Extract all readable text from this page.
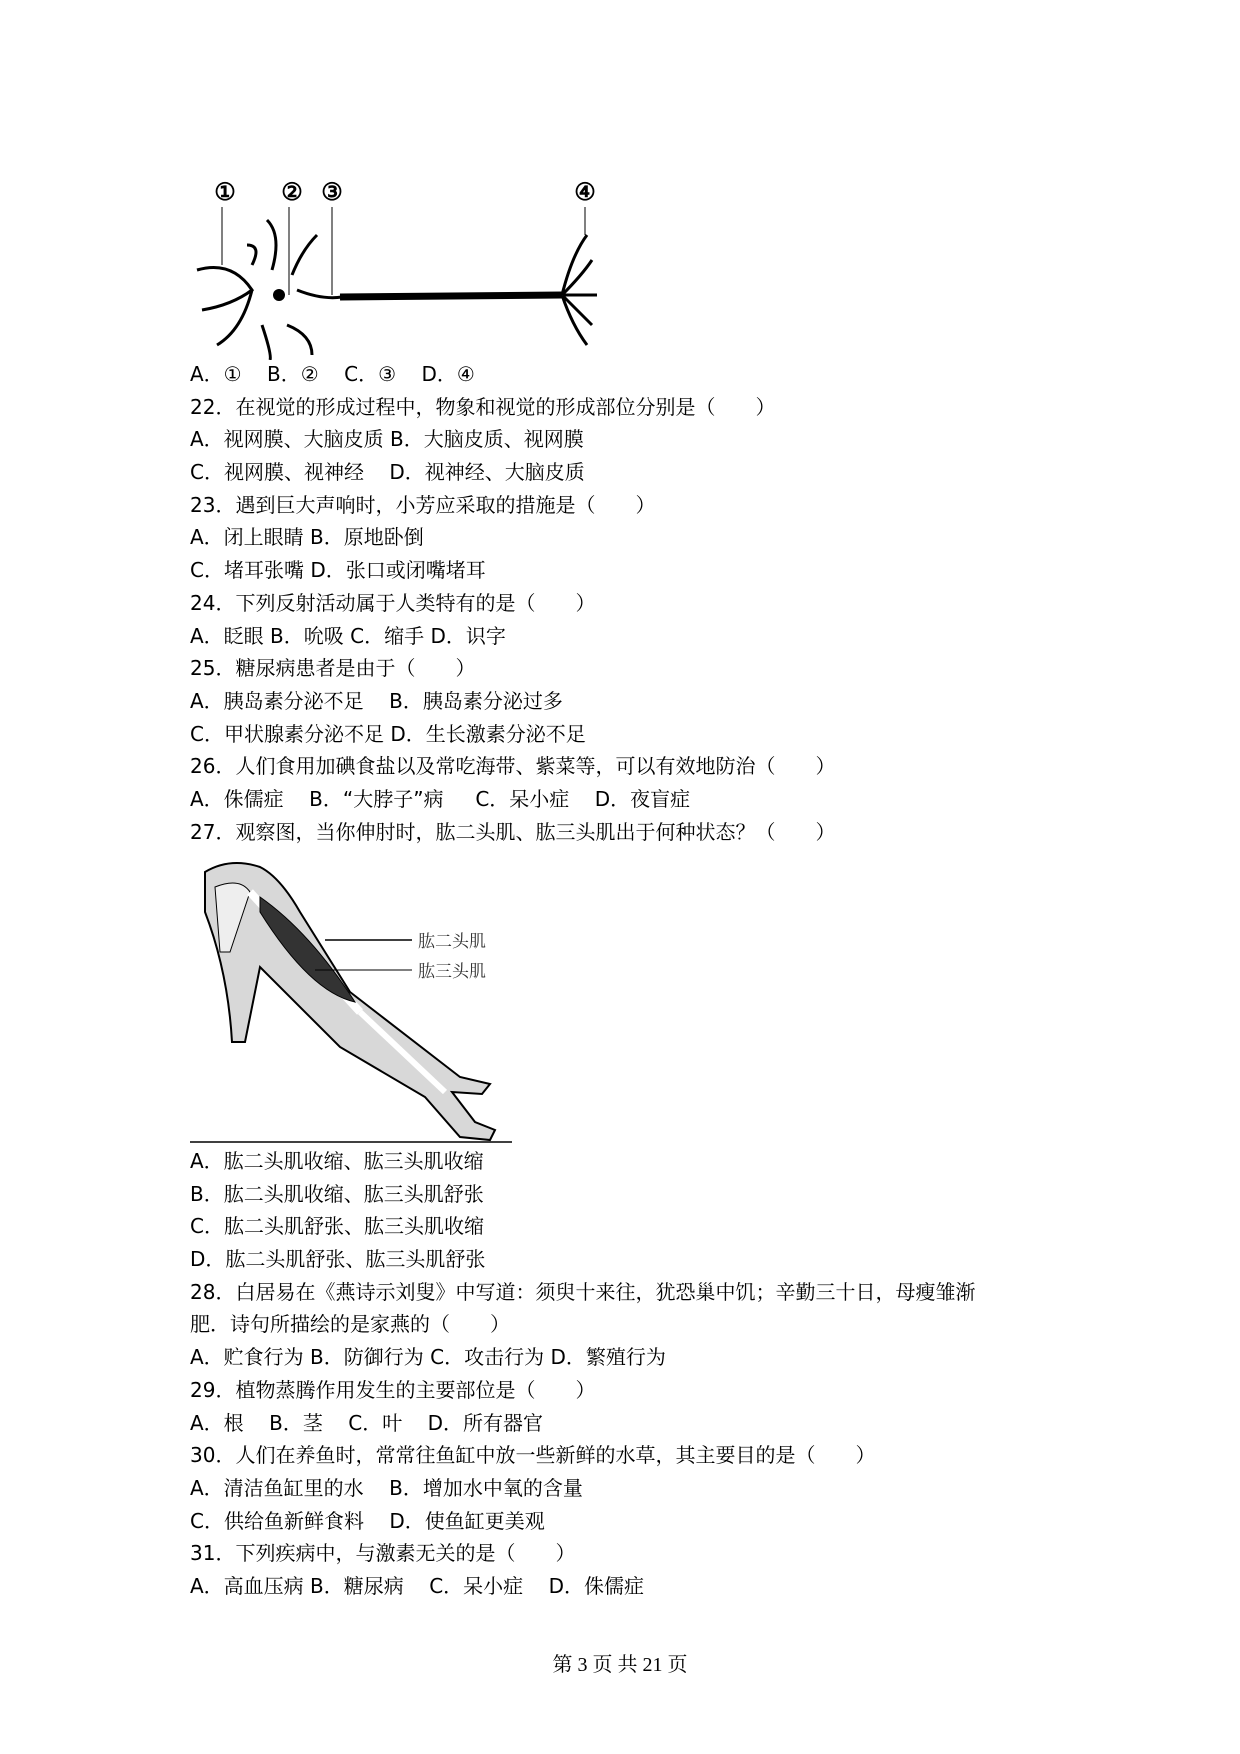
① ② ③	④
A．①    B．②    C．③    D．④
22．在视觉的形成过程中，物象和视觉的形成部位分别是（　　）
A．视网膜、大脑皮质 B．大脑皮质、视网膜
C．视网膜、视神经    D．视神经、大脑皮质
23．遇到巨大声响时，小芳应采取的措施是（　　）
A．闭上眼睛 B．原地卧倒
C．堵耳张嘴 D．张口或闭嘴堵耳
24．下列反射活动属于人类特有的是（　　）
A．眨眼 B．吮吸 C．缩手 D．识字
25．糖尿病患者是由于（　　）
A．胰岛素分泌不足    B．胰岛素分泌过多
C．甲状腺素分泌不足 D．生长激素分泌不足
26．人们食用加碘食盐以及常吃海带、紫菜等，可以有效地防治（　　）
A．侏儒症    B．“大脖子”病     C．呆小症    D．夜盲症
27．观察图，当你伸肘时，肱二头肌、肱三头肌出于何种状态？（　　）
肱二头肌
肱三头肌
A．肱二头肌收缩、肱三头肌收缩
B．肱二头肌收缩、肱三头肌舒张
C．肱二头肌舒张、肱三头肌收缩
D．肱二头肌舒张、肱三头肌舒张
28．白居易在《燕诗示刘叟》中写道：须臾十来往，犹恐巢中饥；辛勤三十日，母瘦雏渐
肥．诗句所描绘的是家燕的（　　）
A．贮食行为 B．防御行为 C．攻击行为 D．繁殖行为
29．植物蒸腾作用发生的主要部位是（　　）
A．根    B．茎    C．叶    D．所有器官
30．人们在养鱼时，常常往鱼缸中放一些新鲜的水草，其主要目的是（　　）
A．清洁鱼缸里的水    B．增加水中氧的含量
C．供给鱼新鲜食料    D．使鱼缸更美观
31．下列疾病中，与激素无关的是（　　）
A．高血压病 B．糖尿病    C．呆小症    D．侏儒症
第 3 页 共 21 页
